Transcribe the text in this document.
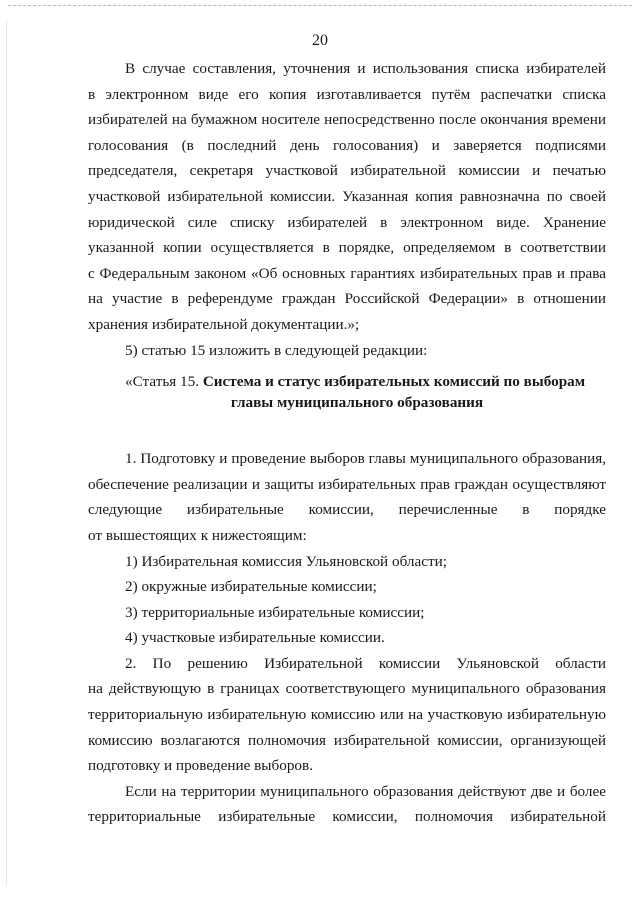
20

В случае составления, уточнения и использования списка избирателей

в электронном виде его копия изготавливается путём распечатки списка

избирателей на бумажном носителе непосредственно после окончания времени

голосования (в последний день голосования) и заверяется подписями

председателя, секретаря участковой избирательной комиссии и печатью

участковой избирательной комиссии. Указанная копия равнозначна по своей

юридической силе списку избирателей в электронном виде. Хранение

указанной копии осуществляется в порядке, определяемом в соответствии

с Федеральным законом «Об основных гарантиях избирательных прав и права

на участие в референдуме граждан Российской Федерации» в отношении

хранения избирательной документации.»;

5) статью 15 изложить в следующей редакции:

«Статья 15. Система и статус избирательных комиссий по выборам

главы муниципального образования

1. Подготовку и проведение выборов главы муниципального образования,

обеспечение реализации и защиты избирательных прав граждан осуществляют

следующие избирательные комиссии, перечисленные в порядке

от вышестоящих к нижестоящим:

1) Избирательная комиссия Ульяновской области;

2) окружные избирательные комиссии;

3) территориальные избирательные комиссии;

4) участковые избирательные комиссии.

2. По решению Избирательной комиссии Ульяновской области

на действующую в границах соответствующего муниципального образования

территориальную избирательную комиссию или на участковую избирательную

комиссию возлагаются полномочия избирательной комиссии, организующей

подготовку и проведение выборов.

Если на территории муниципального образования действуют две и более

территориальные избирательные комиссии, полномочия избирательной
